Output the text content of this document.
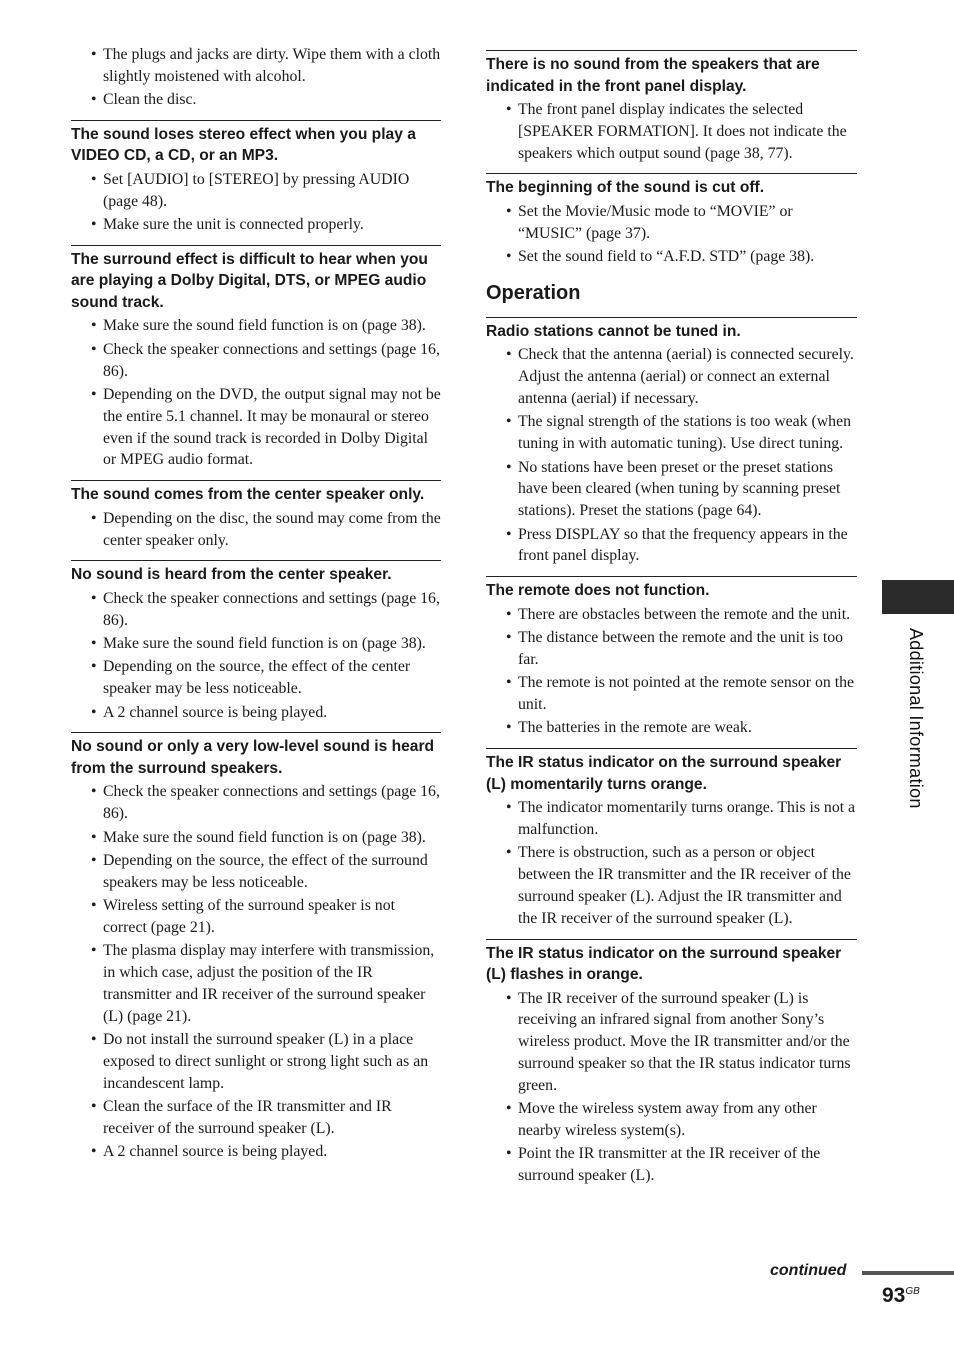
• The plugs and jacks are dirty. Wipe them with a cloth slightly moistened with alcohol.
• Clean the disc.
The sound loses stereo effect when you play a VIDEO CD, a CD, or an MP3.
• Set [AUDIO] to [STEREO] by pressing AUDIO (page 48).
• Make sure the unit is connected properly.
The surround effect is difficult to hear when you are playing a Dolby Digital, DTS, or MPEG audio sound track.
• Make sure the sound field function is on (page 38).
• Check the speaker connections and settings (page 16, 86).
• Depending on the DVD, the output signal may not be the entire 5.1 channel. It may be monaural or stereo even if the sound track is recorded in Dolby Digital or MPEG audio format.
The sound comes from the center speaker only.
• Depending on the disc, the sound may come from the center speaker only.
No sound is heard from the center speaker.
• Check the speaker connections and settings (page 16, 86).
• Make sure the sound field function is on (page 38).
• Depending on the source, the effect of the center speaker may be less noticeable.
• A 2 channel source is being played.
No sound or only a very low-level sound is heard from the surround speakers.
• Check the speaker connections and settings (page 16, 86).
• Make sure the sound field function is on (page 38).
• Depending on the source, the effect of the surround speakers may be less noticeable.
• Wireless setting of the surround speaker is not correct (page 21).
• The plasma display may interfere with transmission, in which case, adjust the position of the IR transmitter and IR receiver of the surround speaker (L) (page 21).
• Do not install the surround speaker (L) in a place exposed to direct sunlight or strong light such as an incandescent lamp.
• Clean the surface of the IR transmitter and IR receiver of the surround speaker (L).
• A 2 channel source is being played.
There is no sound from the speakers that are indicated in the front panel display.
• The front panel display indicates the selected [SPEAKER FORMATION]. It does not indicate the speakers which output sound (page 38, 77).
The beginning of the sound is cut off.
• Set the Movie/Music mode to “MOVIE” or “MUSIC” (page 37).
• Set the sound field to “A.F.D. STD” (page 38).
Operation
Radio stations cannot be tuned in.
• Check that the antenna (aerial) is connected securely. Adjust the antenna (aerial) or connect an external antenna (aerial) if necessary.
• The signal strength of the stations is too weak (when tuning in with automatic tuning). Use direct tuning.
• No stations have been preset or the preset stations have been cleared (when tuning by scanning preset stations). Preset the stations (page 64).
• Press DISPLAY so that the frequency appears in the front panel display.
The remote does not function.
• There are obstacles between the remote and the unit.
• The distance between the remote and the unit is too far.
• The remote is not pointed at the remote sensor on the unit.
• The batteries in the remote are weak.
The IR status indicator on the surround speaker (L) momentarily turns orange.
• The indicator momentarily turns orange. This is not a malfunction.
• There is obstruction, such as a person or object between the IR transmitter and the IR receiver of the surround speaker (L). Adjust the IR transmitter and the IR receiver of the surround speaker (L).
The IR status indicator on the surround speaker (L) flashes in orange.
• The IR receiver of the surround speaker (L) is receiving an infrared signal from another Sony’s wireless product. Move the IR transmitter and/or the surround speaker so that the IR status indicator turns green.
• Move the wireless system away from any other nearby wireless system(s).
• Point the IR transmitter at the IR receiver of the surround speaker (L).
Additional Information
continued
$93^{GB}$
